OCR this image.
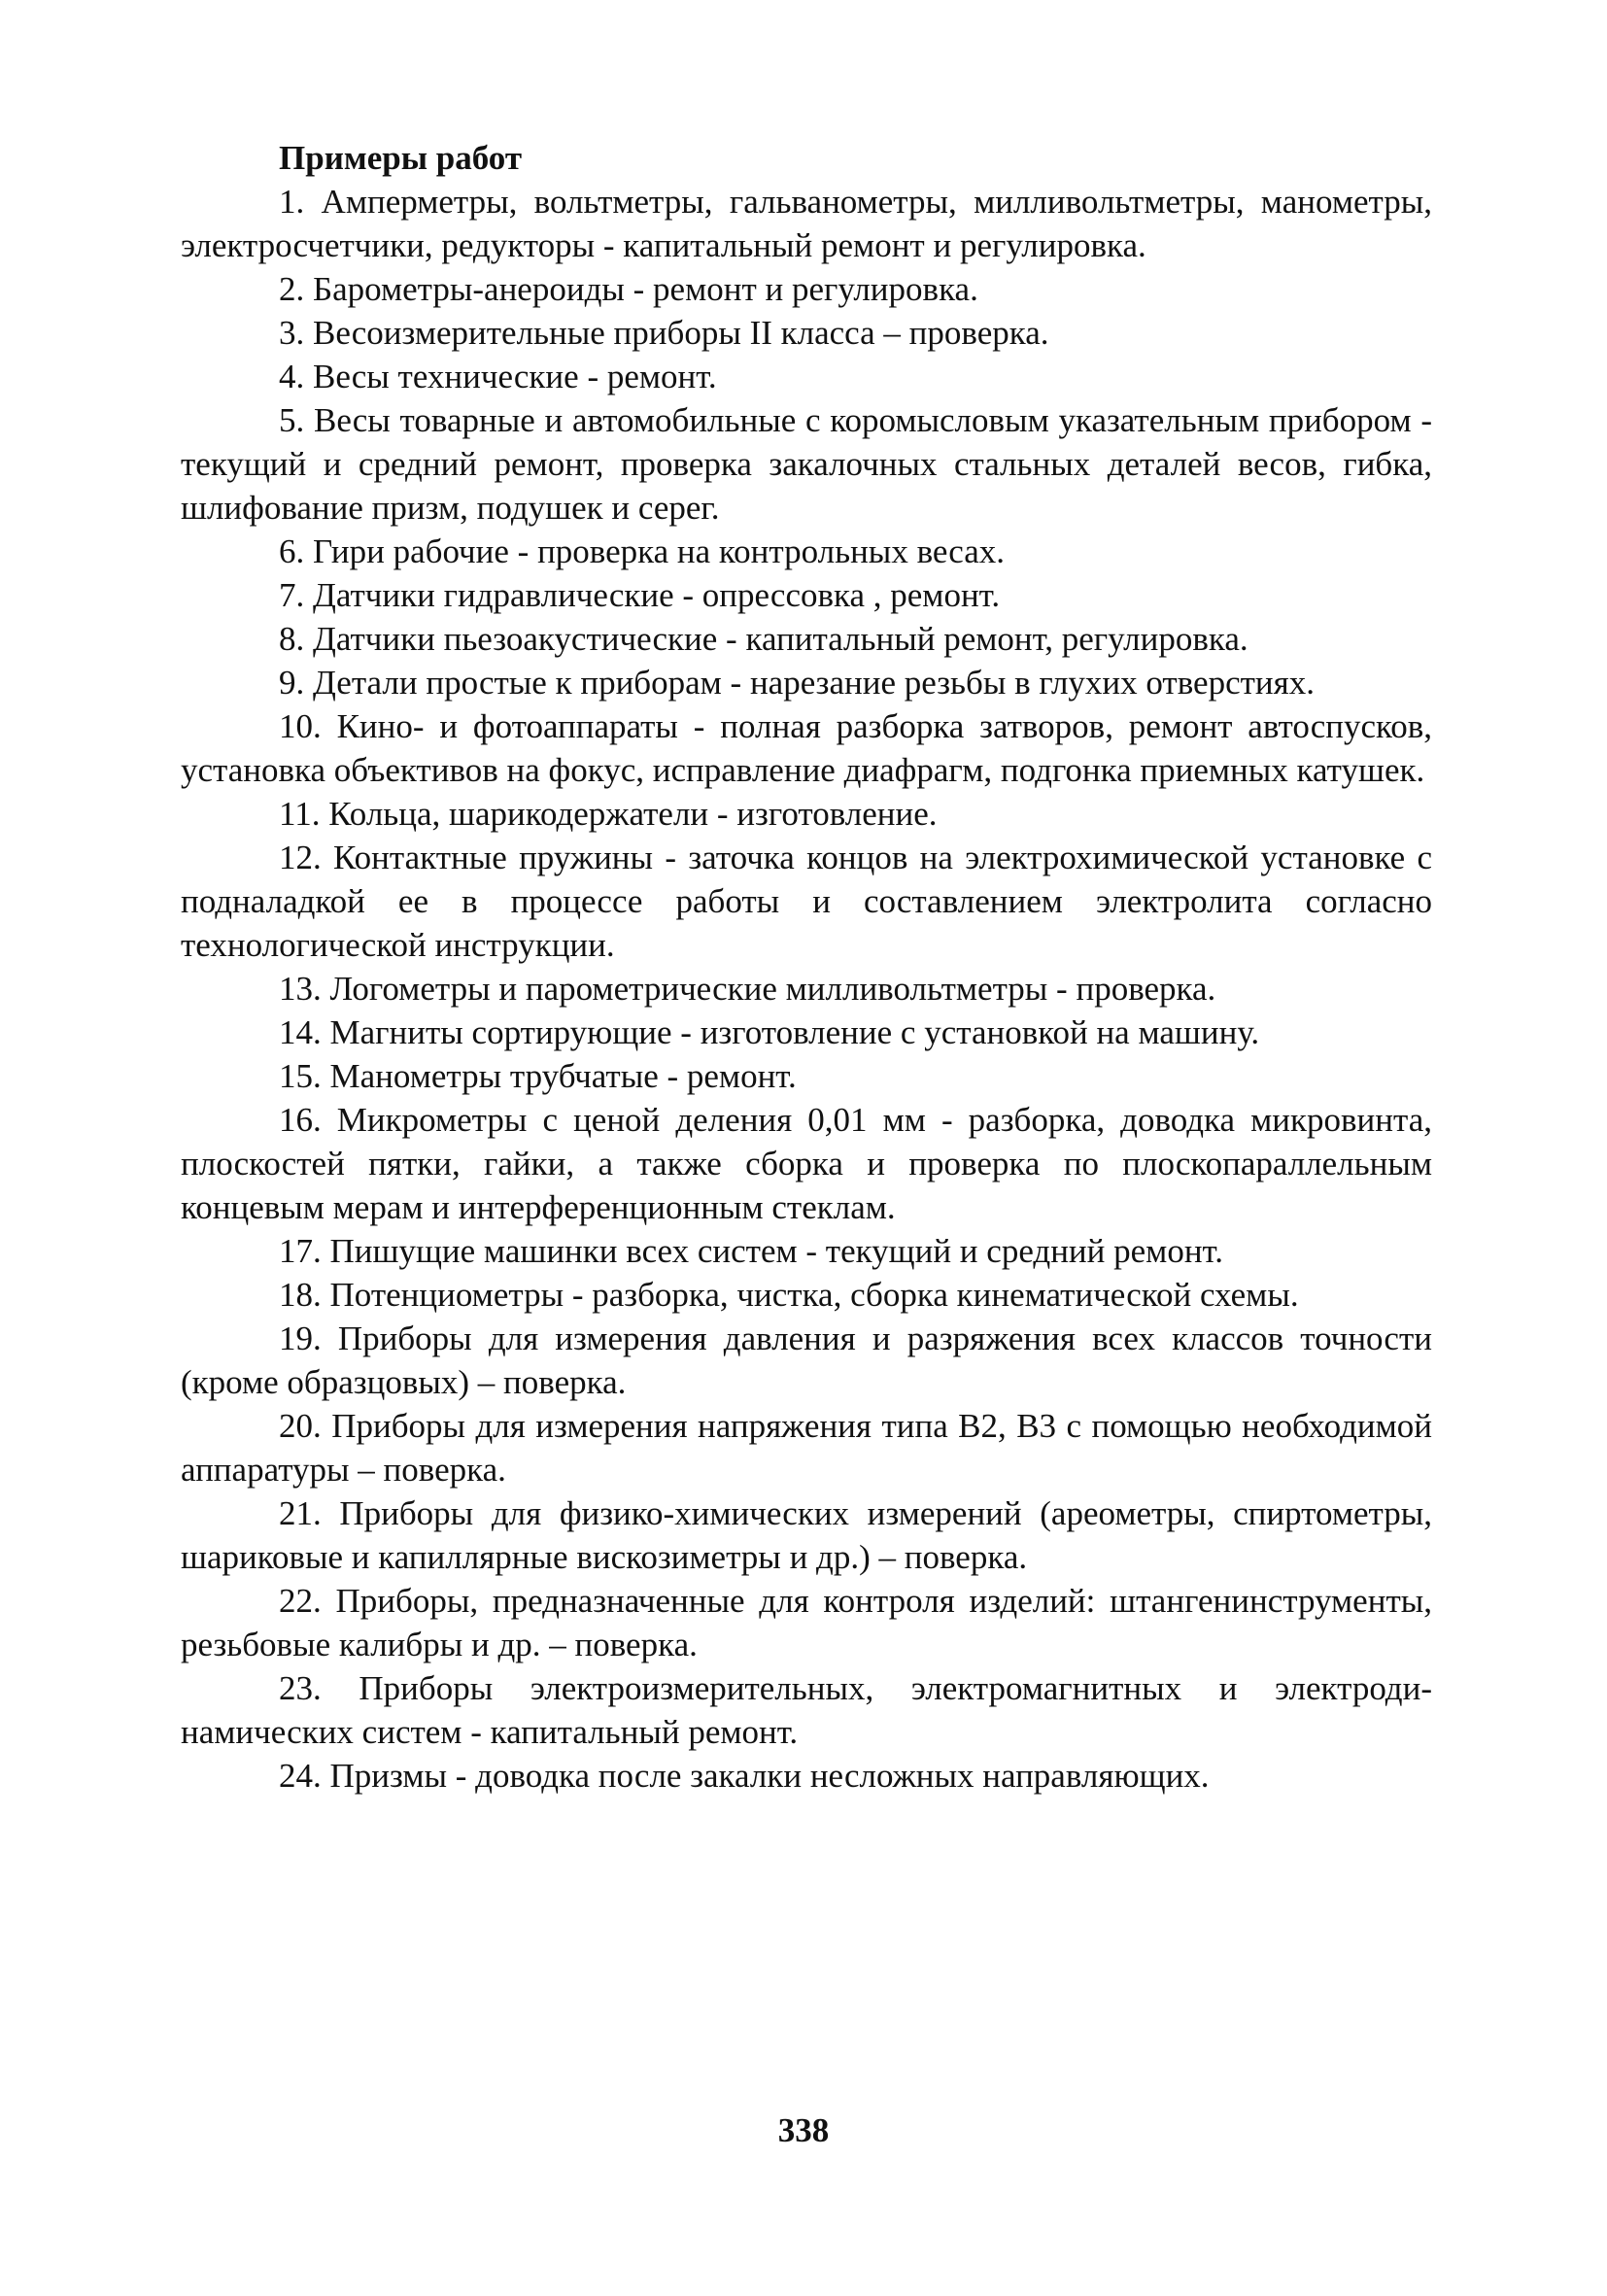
Примеры работ
1. Амперметры, вольтметры, гальванометры, милливольтметры, манометры, электросчетчики, редукторы - капитальный ремонт и регулировка.
2. Барометры-анероиды - ремонт и регулировка.
3. Весоизмерительные приборы II класса – проверка.
4. Весы технические - ремонт.
5. Весы товарные и автомобильные с коромысловым указательным прибором - текущий и средний ремонт, проверка закалочных стальных деталей весов, гибка, шлифование призм, подушек и серег.
6. Гири рабочие - проверка на контрольных весах.
7. Датчики гидравлические - опрессовка , ремонт.
8. Датчики пьезоакустические - капитальный ремонт, регулировка.
9. Детали простые к приборам - нарезание резьбы в глухих отверстиях.
10. Кино- и фотоаппараты - полная разборка затворов, ремонт автоспусков, установка объективов на фокус, исправление диафрагм, подгонка приемных катушек.
11. Кольца, шарикодержатели - изготовление.
12. Контактные пружины - заточка концов на электрохимической установке с подналадкой ее в процессе работы и составлением электролита согласно технологической инструкции.
13. Логометры и парометрические милливольтметры - проверка.
14. Магниты сортирующие - изготовление с установкой на машину.
15. Манометры трубчатые - ремонт.
16. Микрометры с ценой деления 0,01 мм - разборка, доводка микровинта, плоскостей пятки, гайки, а также сборка и проверка по плоскопараллельным концевым мерам и интерференционным стеклам.
17. Пишущие машинки всех систем - текущий и средний ремонт.
18. Потенциометры - разборка, чистка, сборка кинематической схемы.
19. Приборы для измерения давления и разряжения всех классов точности (кроме образцовых) – поверка.
20. Приборы для измерения напряжения типа В2, В3 с помощью необходимой аппаратуры – поверка.
21. Приборы для физико-химических измерений (ареометры, спиртометры, шариковые и капиллярные вискозиметры и др.) – поверка.
22. Приборы, предназначенные для контроля изделий: штангенинструменты, резьбовые калибры и др. – поверка.
23. Приборы электроизмерительных, электромагнитных и электродинамических систем - капитальный ремонт.
24. Призмы - доводка после закалки несложных направляющих.
338
